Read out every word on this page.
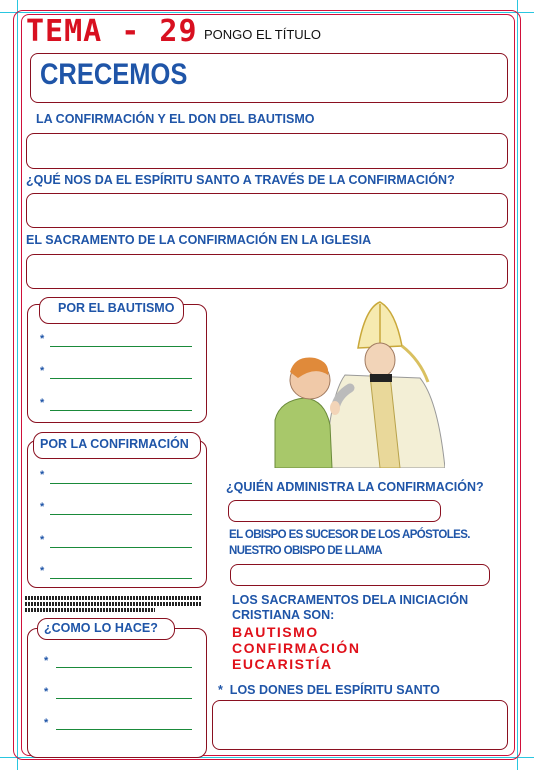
TEMA - 29 PONGO EL TÍTULO
CRECEMOS
LA CONFIRMACIÓN Y EL DON DEL BAUTISMO
¿QUÉ NOS DA EL ESPÍRITU SANTO A TRAVÉS DE LA CONFIRMACIÓN?
EL SACRAMENTO DE LA CONFIRMACIÓN EN LA IGLESIA
POR EL BAUTISMO
*
*
*
POR LA CONFIRMACIÓN
*
*
*
*
¿COMO LO HACE?
*
*
*
¿QUIÉN ADMINISTRA LA CONFIRMACIÓN?
EL OBISPO ES SUCESOR DE LOS APÓSTOLES.
NUESTRO OBISPO DE LLAMA
LOS SACRAMENTOS DELA INICIACIÓN
CRISTIANA SON:
BAUTISMO
CONFIRMACIÓN
EUCARISTÍA
*  LOS DONES DEL ESPÍRITU SANTO
